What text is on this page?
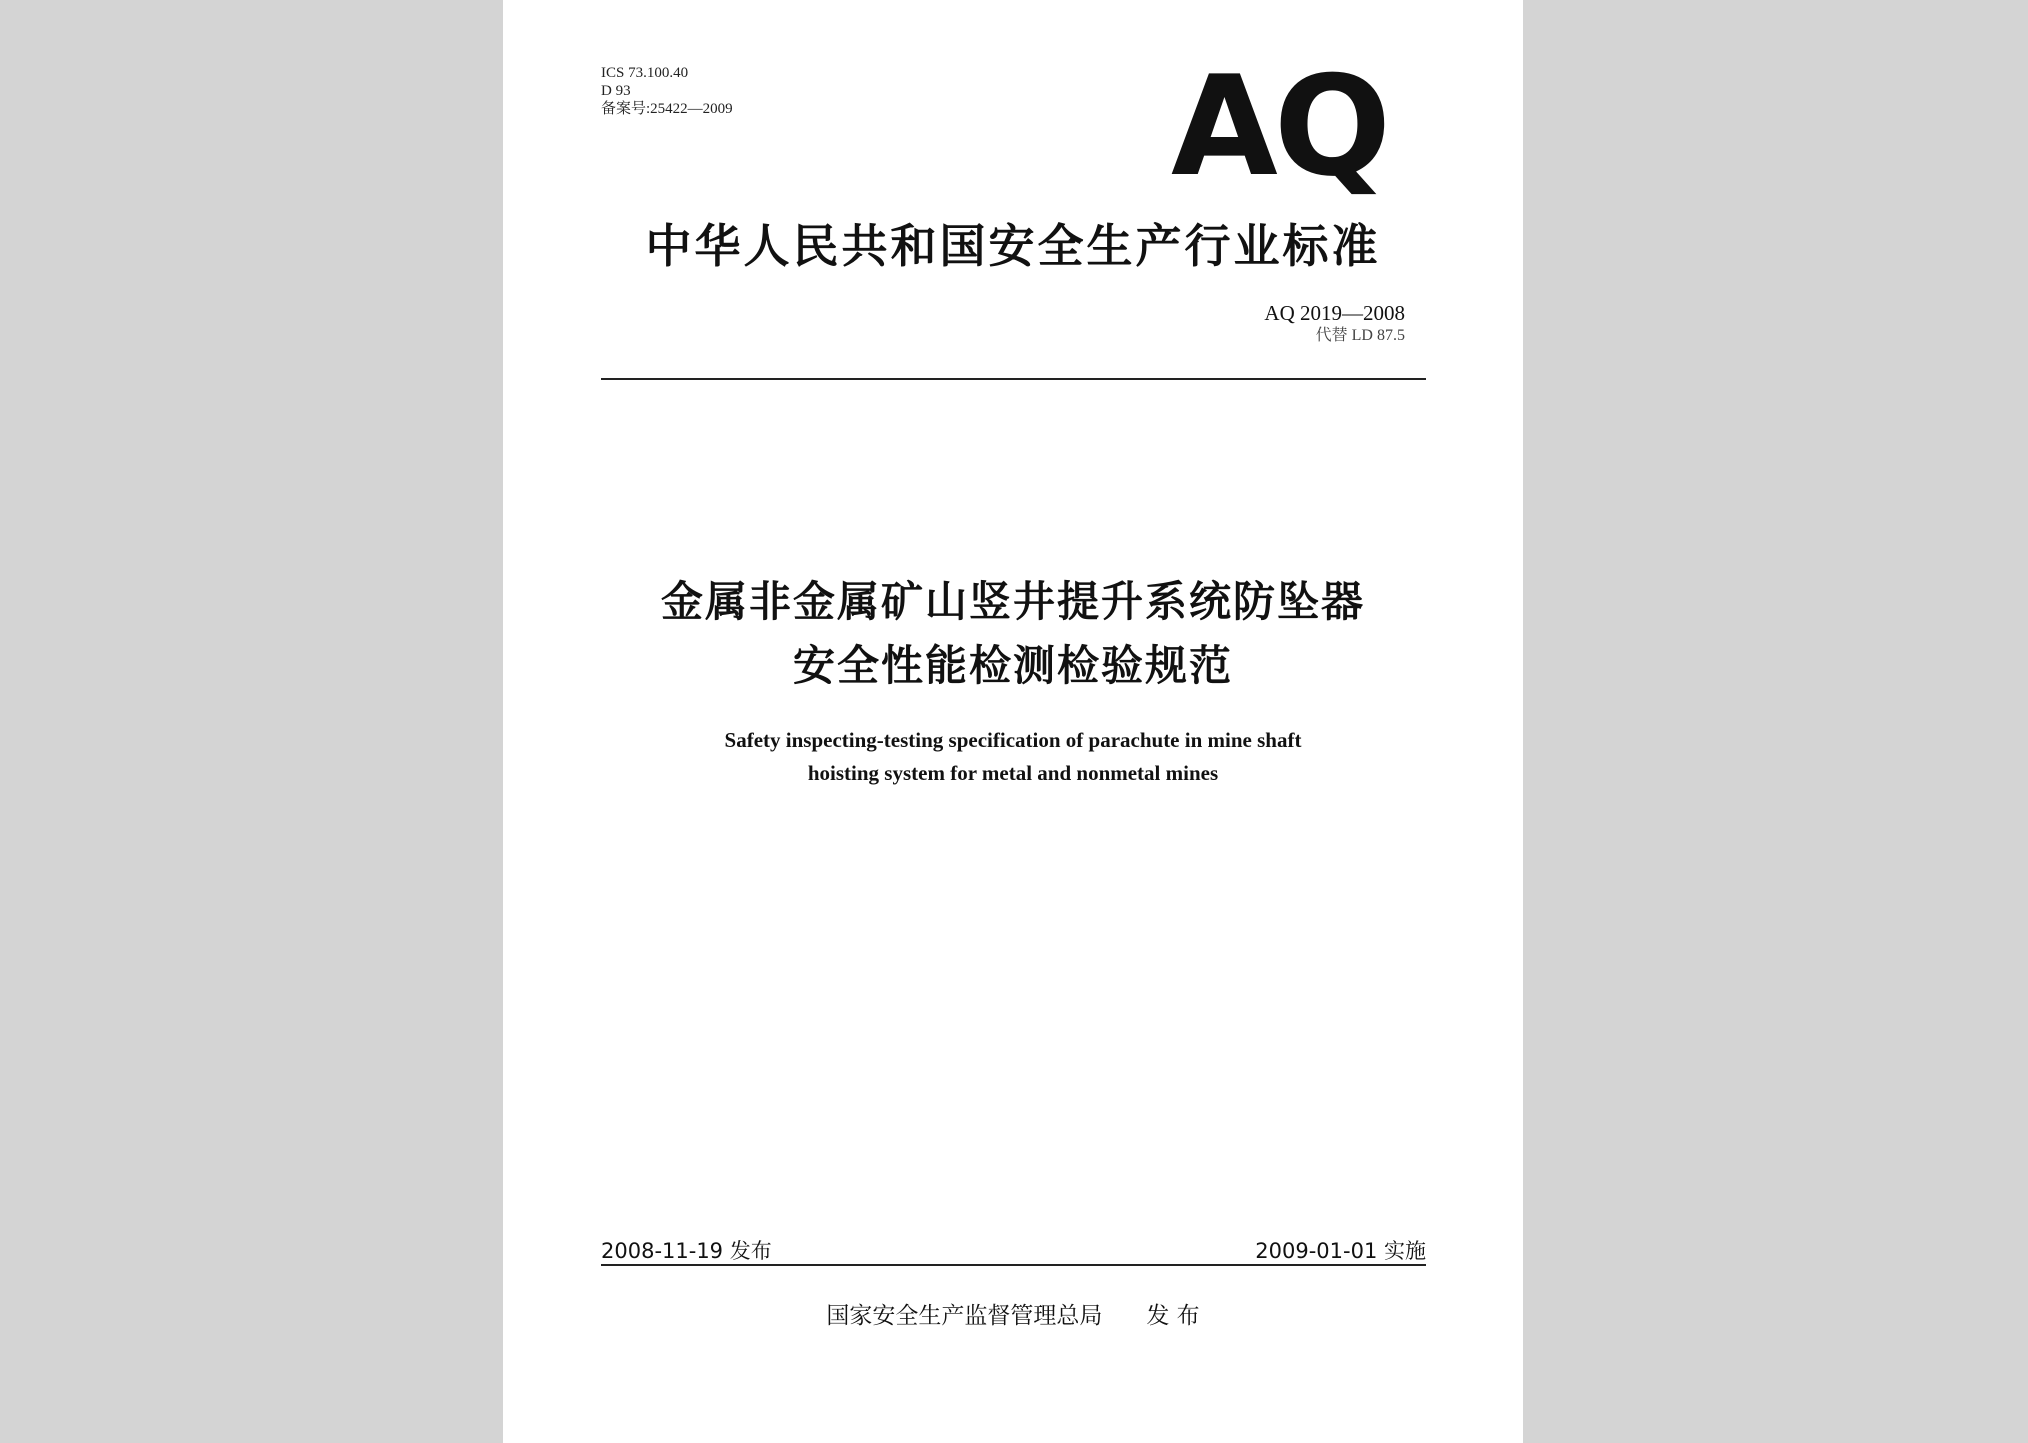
ICS 73.100.40
D 93
备案号:25422—2009	AQ
中华人民共和国安全生产行业标准
AQ 2019—2008
代替 LD 87.5
金属非金属矿山竖井提升系统防坠器
安全性能检测检验规范
Safety inspecting-testing specification of parachute in mine shaft
hoisting system for metal and nonmetal mines
2008-11-19 发布	2009-01-01 实施
国家安全生产监督管理总局 发 布
